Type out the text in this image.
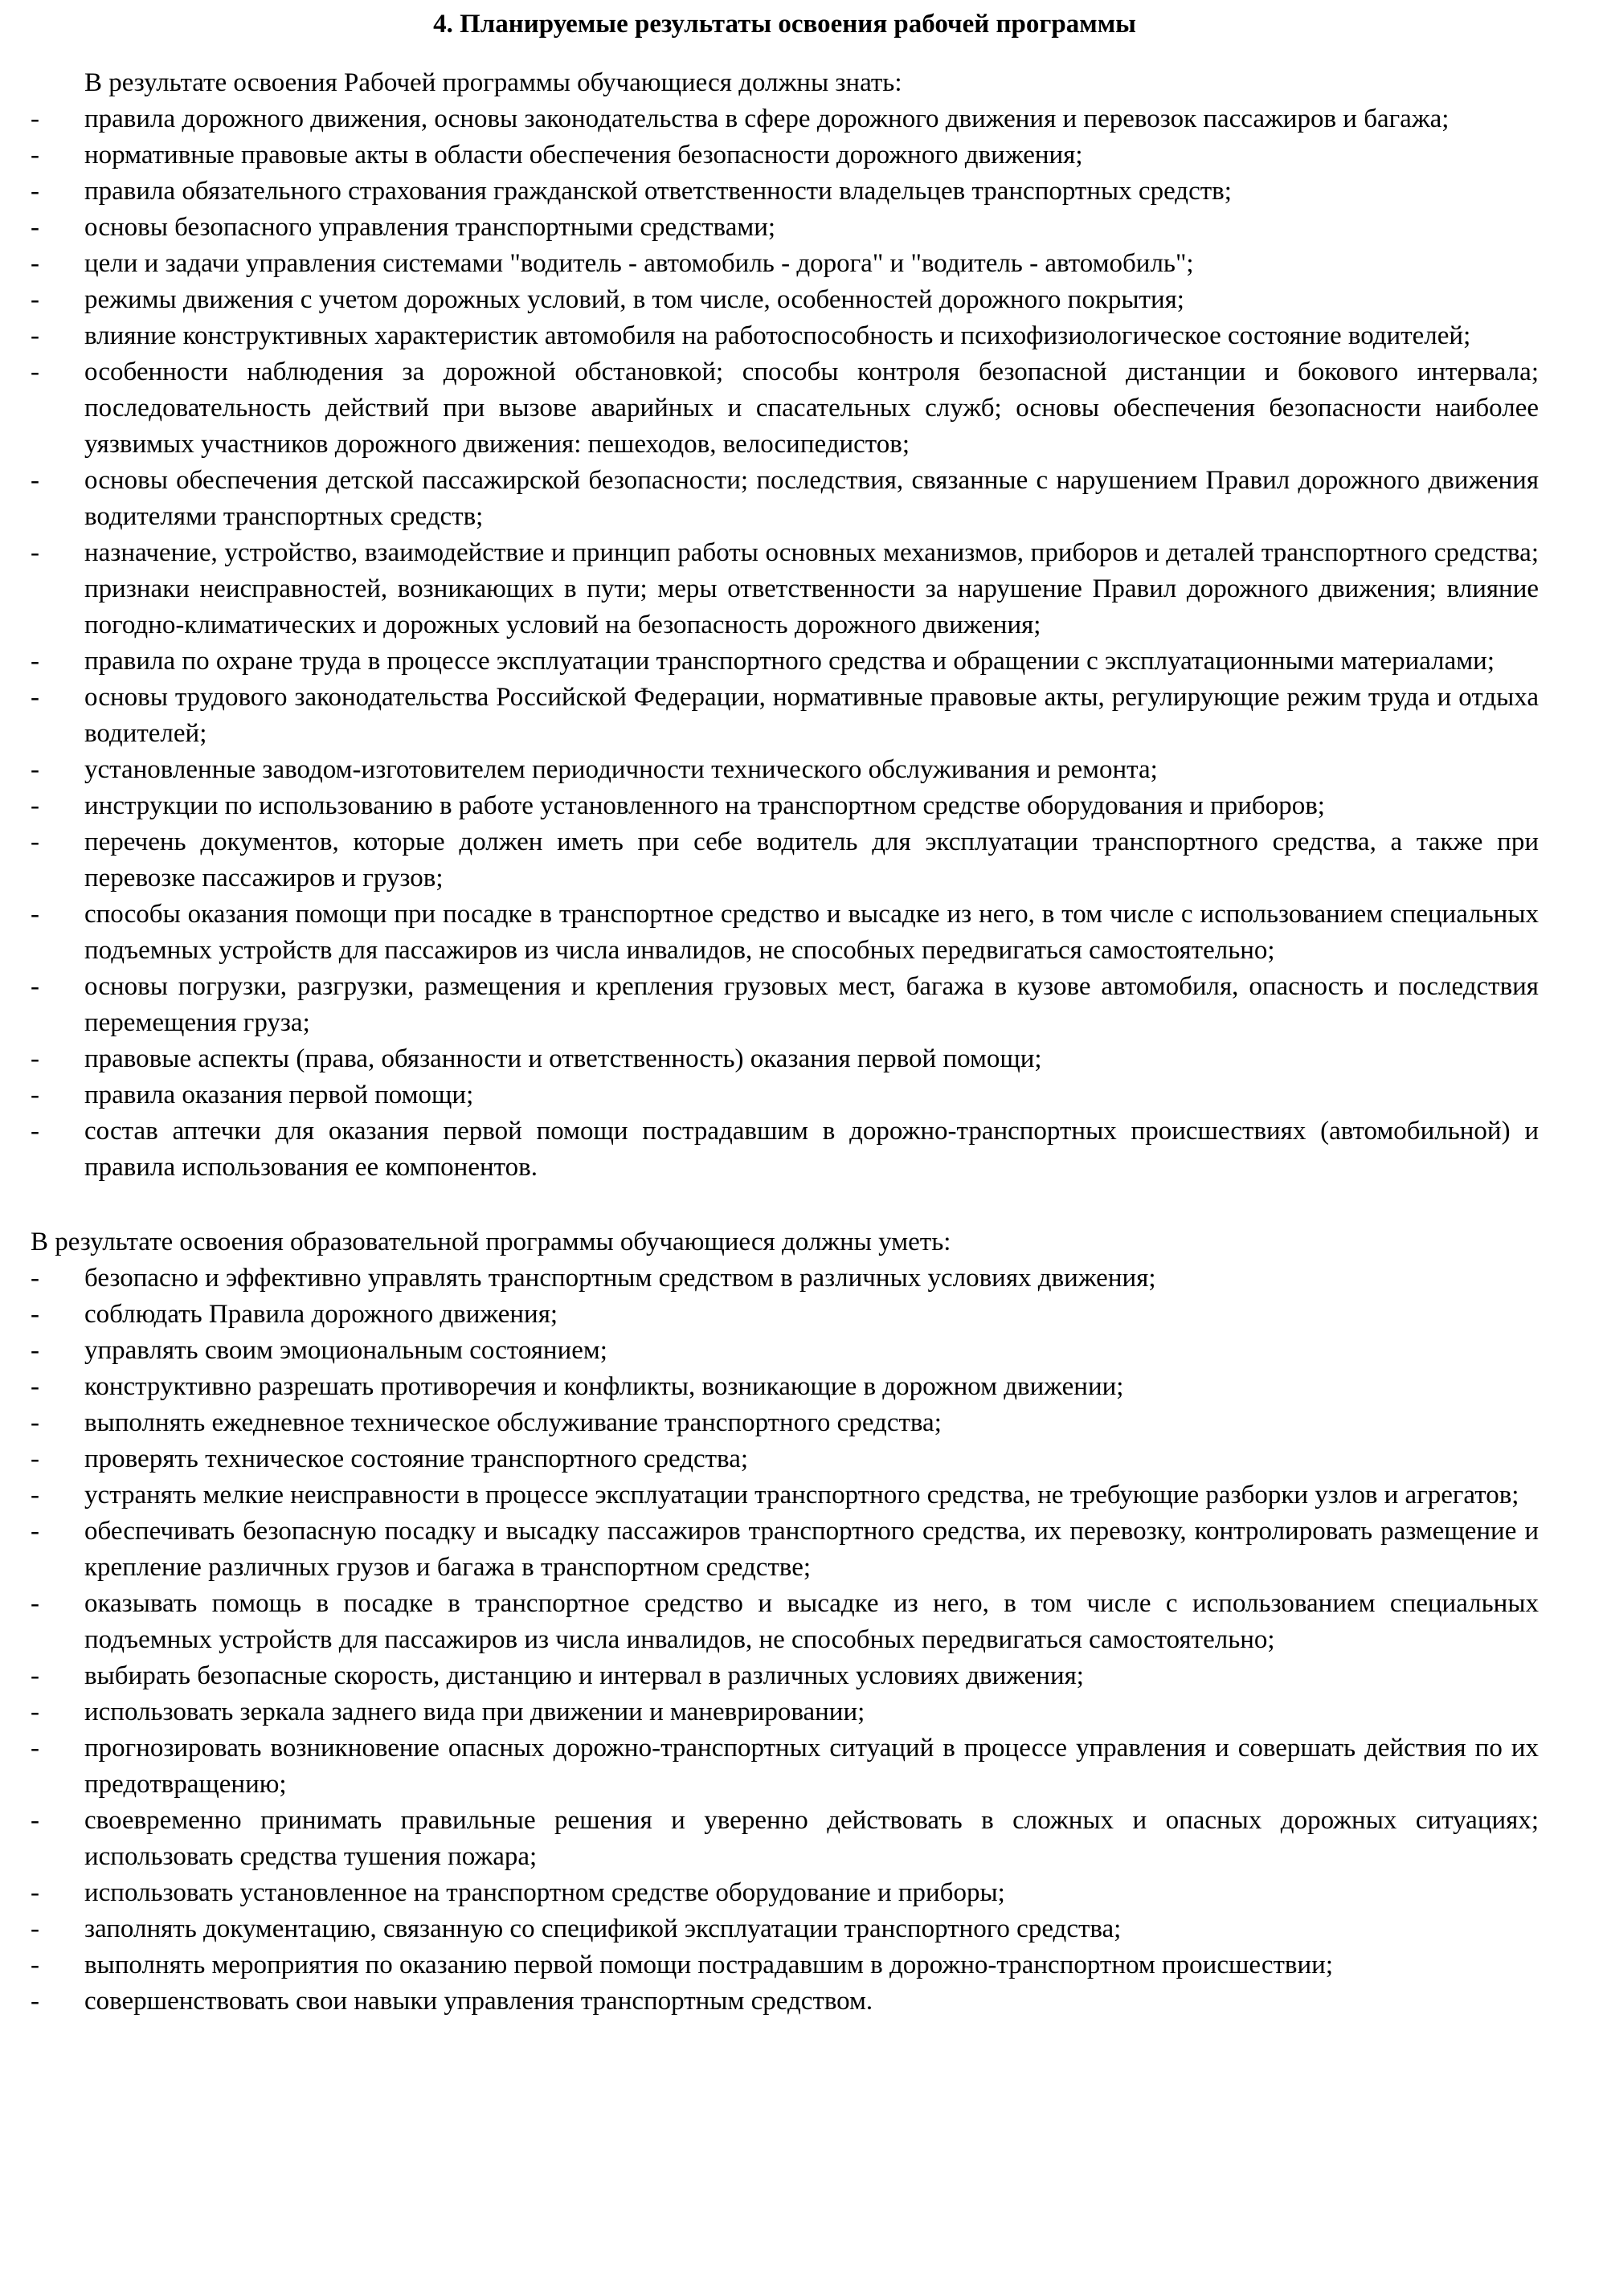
4. Планируемые результаты освоения рабочей программы

В результате освоения Рабочей программы обучающиеся должны знать:

- правила дорожного движения, основы законодательства в сфере дорожного движения и перевозок пассажиров и багажа;
- нормативные правовые акты в области обеспечения безопасности дорожного движения;
- правила обязательного страхования гражданской ответственности владельцев транспортных средств;
- основы безопасного управления транспортными средствами;
- цели и задачи управления системами "водитель - автомобиль - дорога" и "водитель - автомобиль";
- режимы движения с учетом дорожных условий, в том числе, особенностей дорожного покрытия;
- влияние конструктивных характеристик автомобиля на работоспособность и психофизиологическое состояние водителей;
- особенности наблюдения за дорожной обстановкой; способы контроля безопасной дистанции и бокового интервала; последовательность действий при вызове аварийных и спасательных служб; основы обеспечения безопасности наиболее уязвимых участников дорожного движения: пешеходов, велосипедистов;
- основы обеспечения детской пассажирской безопасности; последствия, связанные с нарушением Правил дорожного движения водителями транспортных средств;
- назначение, устройство, взаимодействие и принцип работы основных механизмов, приборов и деталей транспортного средства; признаки неисправностей, возникающих в пути; меры ответственности за нарушение Правил дорожного движения; влияние погодно-климатических и дорожных условий на безопасность дорожного движения;
- правила по охране труда в процессе эксплуатации транспортного средства и обращении с эксплуатационными материалами;
- основы трудового законодательства Российской Федерации, нормативные правовые акты, регулирующие режим труда и отдыха водителей;
- установленные заводом-изготовителем периодичности технического обслуживания и ремонта;
- инструкции по использованию в работе установленного на транспортном средстве оборудования и приборов;
- перечень документов, которые должен иметь при себе водитель для эксплуатации транспортного средства, а также при перевозке пассажиров и грузов;
- способы оказания помощи при посадке в транспортное средство и высадке из него, в том числе с использованием специальных подъемных устройств для пассажиров из числа инвалидов, не способных передвигаться самостоятельно;
- основы погрузки, разгрузки, размещения и крепления грузовых мест, багажа в кузове автомобиля, опасность и последствия перемещения груза;
- правовые аспекты (права, обязанности и ответственность) оказания первой помощи;
- правила оказания первой помощи;
- состав аптечки для оказания первой помощи пострадавшим в дорожно-транспортных происшествиях (автомобильной) и правила использования ее компонентов.

В результате освоения образовательной программы обучающиеся должны уметь:

- безопасно и эффективно управлять транспортным средством в различных условиях движения;
- соблюдать Правила дорожного движения;
- управлять своим эмоциональным состоянием;
- конструктивно разрешать противоречия и конфликты, возникающие в дорожном движении;
- выполнять ежедневное техническое обслуживание транспортного средства;
- проверять техническое состояние транспортного средства;
- устранять мелкие неисправности в процессе эксплуатации транспортного средства, не требующие разборки узлов и агрегатов;
- обеспечивать безопасную посадку и высадку пассажиров транспортного средства, их перевозку, контролировать размещение и крепление различных грузов и багажа в транспортном средстве;
- оказывать помощь в посадке в транспортное средство и высадке из него, в том числе с использованием специальных подъемных устройств для пассажиров из числа инвалидов, не способных передвигаться самостоятельно;
- выбирать безопасные скорость, дистанцию и интервал в различных условиях движения;
- использовать зеркала заднего вида при движении и маневрировании;
- прогнозировать возникновение опасных дорожно-транспортных ситуаций в процессе управления и совершать действия по их предотвращению;
- своевременно принимать правильные решения и уверенно действовать в сложных и опасных дорожных ситуациях; использовать средства тушения пожара;
- использовать установленное на транспортном средстве оборудование и приборы;
- заполнять документацию, связанную со спецификой эксплуатации транспортного средства;
- выполнять мероприятия по оказанию первой помощи пострадавшим в дорожно-транспортном происшествии;
- совершенствовать свои навыки управления транспортным средством.
